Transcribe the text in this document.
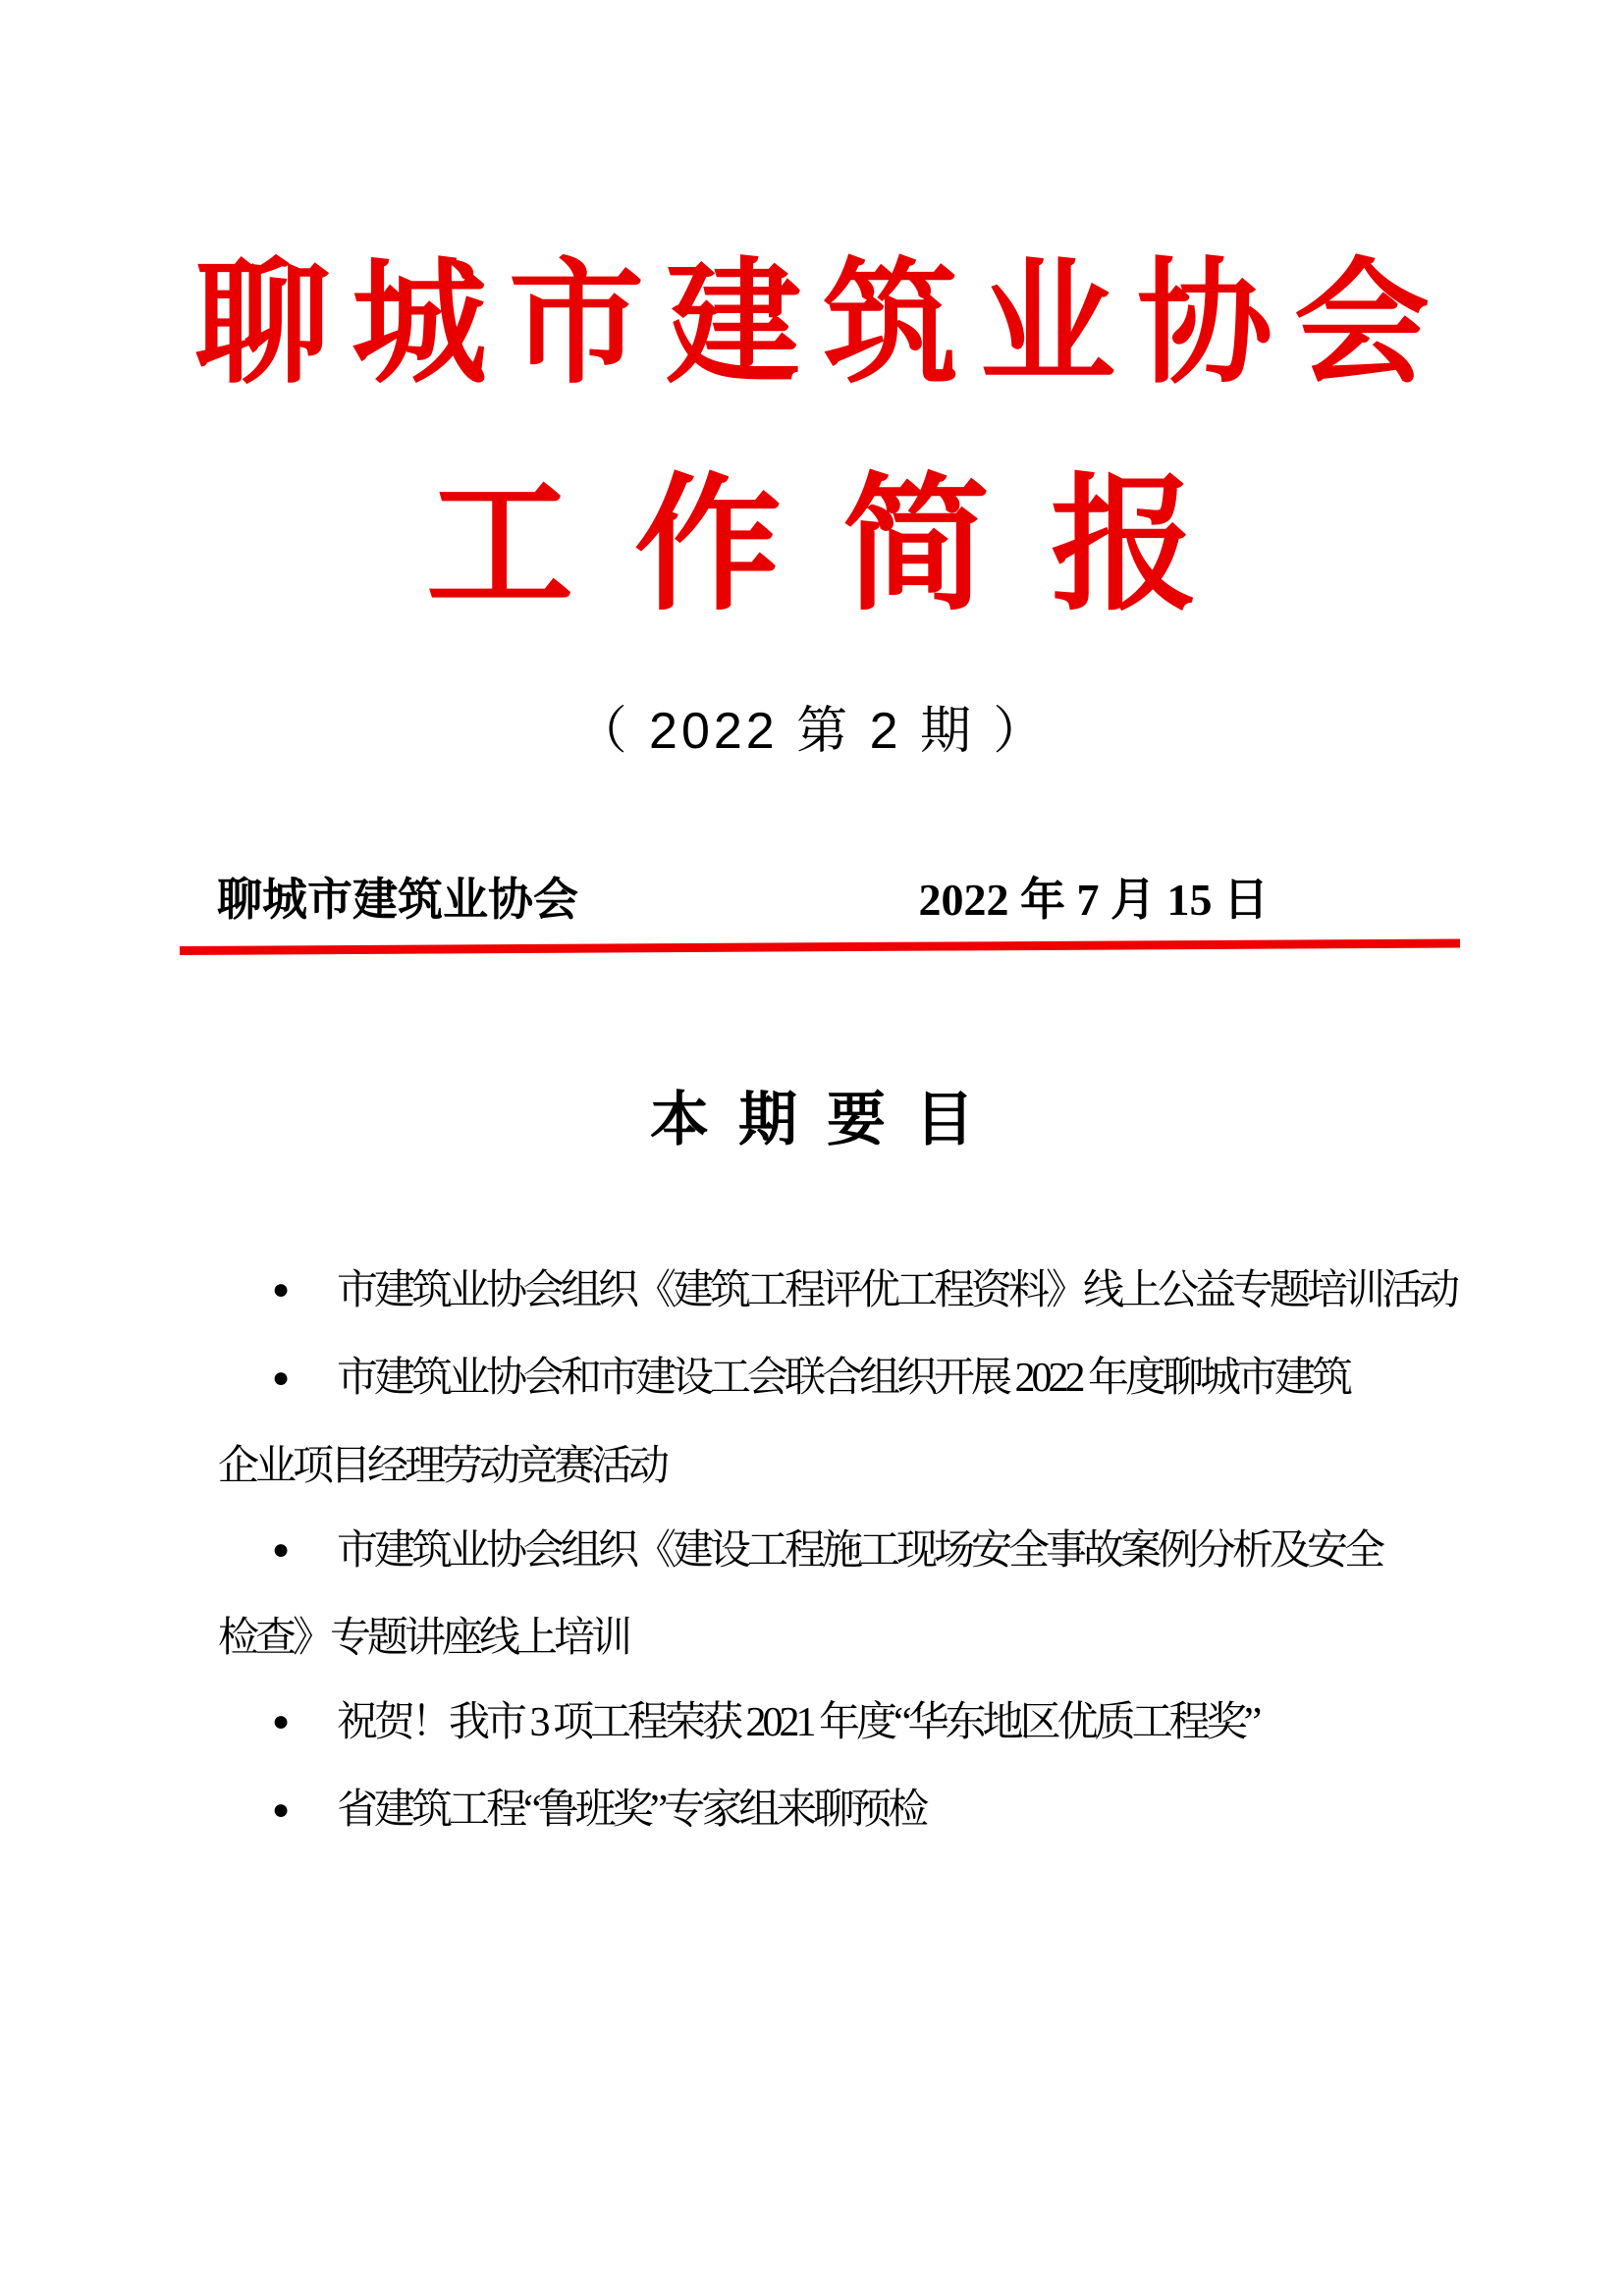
聊城市建筑业协会
工作简报
（ 2022 第 2 期 ）
聊城市建筑业协会	2022 年 7 月 15 日
本期要目
● 市建筑业协会组织《建筑工程评优工程资料》线上公益专题培训活动
● 市建筑业协会和市建设工会联合组织开展 2022 年度聊城市建筑
企业项目经理劳动竞赛活动
● 市建筑业协会组织《建设工程施工现场安全事故案例分析及安全
检查》专题讲座线上培训
● 祝贺！我市 3 项工程荣获 2021 年度“华东地区优质工程奖”
● 省建筑工程“鲁班奖”专家组来聊预检
